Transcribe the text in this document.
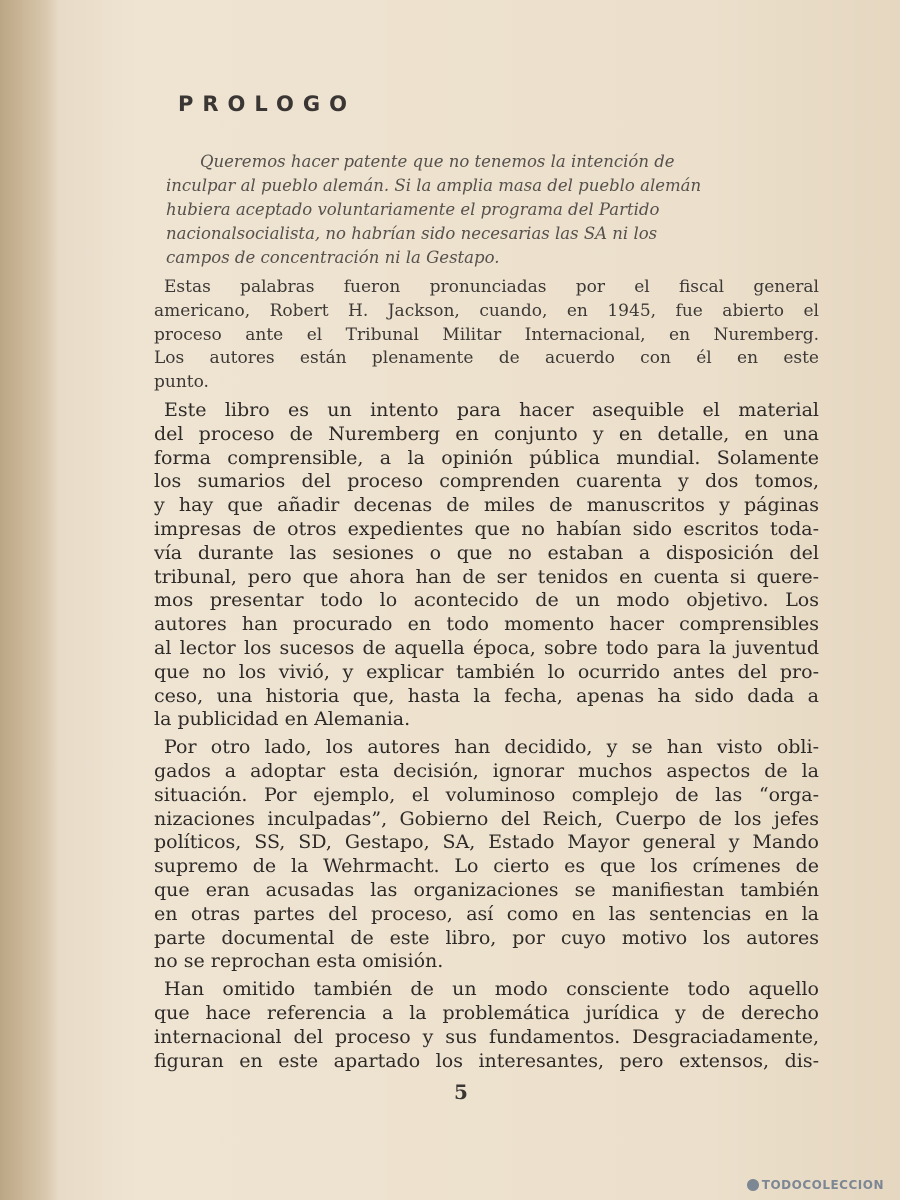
PROLOGO
Queremos hacer patente que no tenemos la intención de
inculpar al pueblo alemán. Si la amplia masa del pueblo alemán
hubiera aceptado voluntariamente el programa del Partido
nacionalsocialista, no habrían sido necesarias las SA ni los
campos de concentración ni la Gestapo.
Estas palabras fueron pronunciadas por el fiscal general
americano, Robert H. Jackson, cuando, en 1945, fue abierto el
proceso ante el Tribunal Militar Internacional, en Nuremberg.
Los autores están plenamente de acuerdo con él en este
punto.
Este libro es un intento para hacer asequible el material
del proceso de Nuremberg en conjunto y en detalle, en una
forma comprensible, a la opinión pública mundial. Solamente
los sumarios del proceso comprenden cuarenta y dos tomos,
y hay que añadir decenas de miles de manuscritos y páginas
impresas de otros expedientes que no habían sido escritos toda-
vía durante las sesiones o que no estaban a disposición del
tribunal, pero que ahora han de ser tenidos en cuenta si quere-
mos presentar todo lo acontecido de un modo objetivo. Los
autores han procurado en todo momento hacer comprensibles
al lector los sucesos de aquella época, sobre todo para la juventud
que no los vivió, y explicar también lo ocurrido antes del pro-
ceso, una historia que, hasta la fecha, apenas ha sido dada a
la publicidad en Alemania.
Por otro lado, los autores han decidido, y se han visto obli-
gados a adoptar esta decisión, ignorar muchos aspectos de la
situación. Por ejemplo, el voluminoso complejo de las “orga-
nizaciones inculpadas”, Gobierno del Reich, Cuerpo de los jefes
políticos, SS, SD, Gestapo, SA, Estado Mayor general y Mando
supremo de la Wehrmacht. Lo cierto es que los crímenes de
que eran acusadas las organizaciones se manifiestan también
en otras partes del proceso, así como en las sentencias en la
parte documental de este libro, por cuyo motivo los autores
no se reprochan esta omisión.
Han omitido también de un modo consciente todo aquello
que hace referencia a la problemática jurídica y de derecho
internacional del proceso y sus fundamentos. Desgraciadamente,
figuran en este apartado los interesantes, pero extensos, dis-
5
TODOCOLECCION
